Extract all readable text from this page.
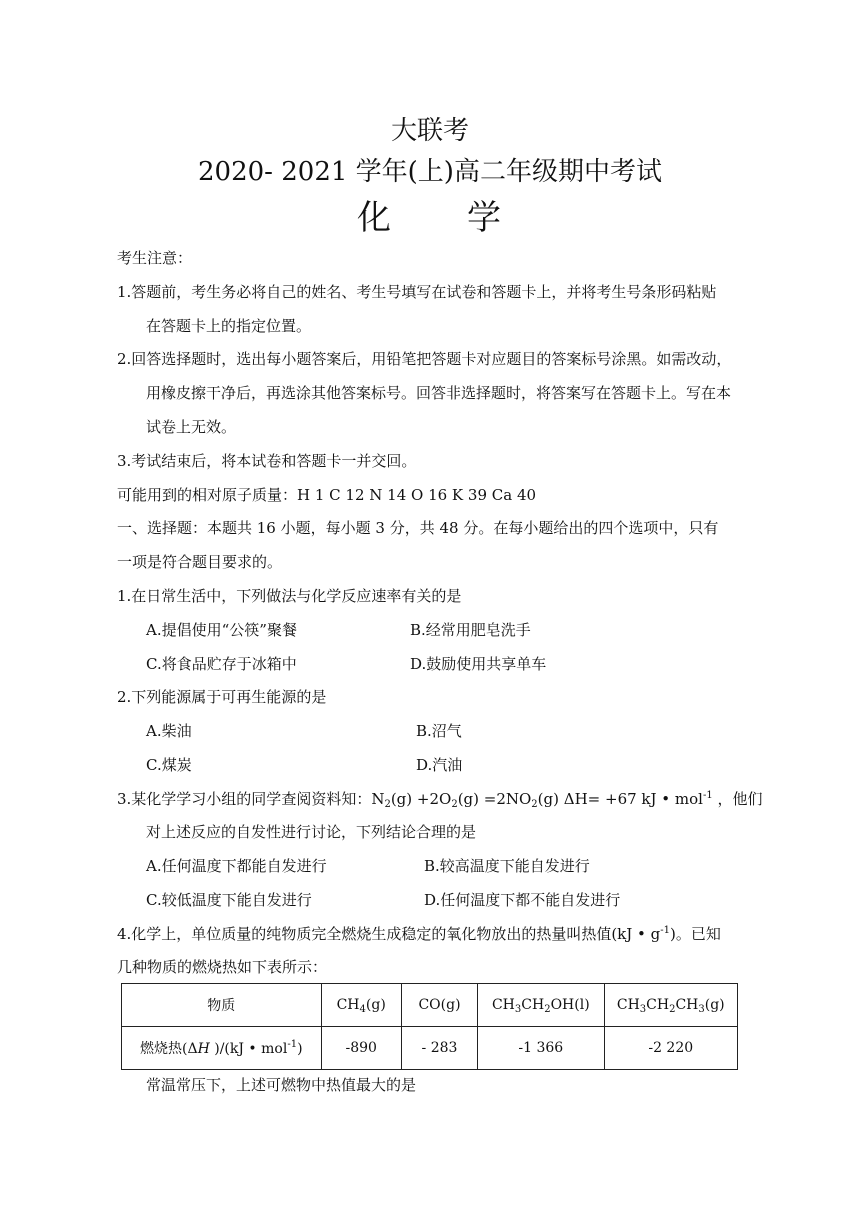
大联考
2020- 2021 学年(上)高二年级期中考试
化 学
考生注意：
1.答题前，考生务必将自己的姓名、考生号填写在试卷和答题卡上，并将考生号条形码粘贴
在答题卡上的指定位置。
2.回答选择题时，选出每小题答案后，用铅笔把答题卡对应题目的答案标号涂黑。如需改动，
用橡皮擦干净后，再选涂其他答案标号。回答非选择题时，将答案写在答题卡上。写在本
试卷上无效。
3.考试结束后，将本试卷和答题卡一并交回。
可能用到的相对原子质量：H 1 C 12 N 14 O 16 K 39 Ca 40
一、选择题：本题共 16 小题，每小题 3 分，共 48 分。在每小题给出的四个选项中，只有
一项是符合题目要求的。
1.在日常生活中，下列做法与化学反应速率有关的是
A.提倡使用“公筷”聚餐	B.经常用肥皂洗手
C.将食品贮存于冰箱中	D.鼓励使用共享单车
2.下列能源属于可再生能源的是
A.柴油	B.沼气
C.煤炭	D.汽油
3.某化学学习小组的同学查阅资料知：$N_2(g) +2O_2(g) =2NO_2(g)$ ΔH= +67 kJ • mol$^{-1}$ ，他们
对上述反应的自发性进行讨论，下列结论合理的是
A.任何温度下都能自发进行	B.较高温度下能自发进行
C.较低温度下能自发进行	D.任何温度下都不能自发进行
4.化学上，单位质量的纯物质完全燃烧生成稳定的氧化物放出的热量叫热值(kJ • $g^{-1}$)。已知
几种物质的燃烧热如下表所示：
物质	$CH_4(g)$	CO(g)	$CH_3CH_2OH(l)$	$CH_3CH_2CH_3(g)$
燃烧热(ΔH )/(kJ • mol$^{-1}$)	-890	- 283	-1 366	-2 220
常温常压下，上述可燃物中热值最大的是
